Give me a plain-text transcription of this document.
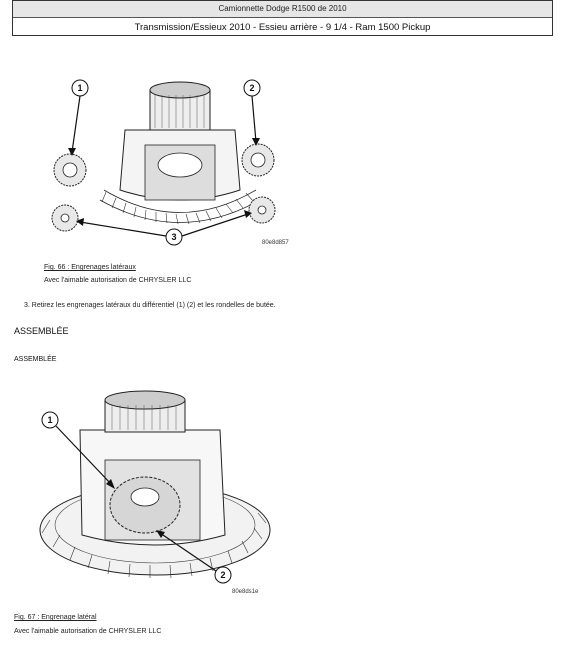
Camionnette Dodge R1500 de 2010
Transmission/Essieux 2010 - Essieu arrière - 9 1/4 - Ram 1500 Pickup
1	2
3
80e8d857
Fig. 66 : Engrenages latéraux
Avec l'aimable autorisation de CHRYSLER LLC
3. Retirez les engrenages latéraux du différentiel (1) (2) et les rondelles de butée.
ASSEMBLÉE
ASSEMBLÉE
1
2
80e8ds1e
Fig. 67 : Engrenage latéral
Avec l'aimable autorisation de CHRYSLER LLC
